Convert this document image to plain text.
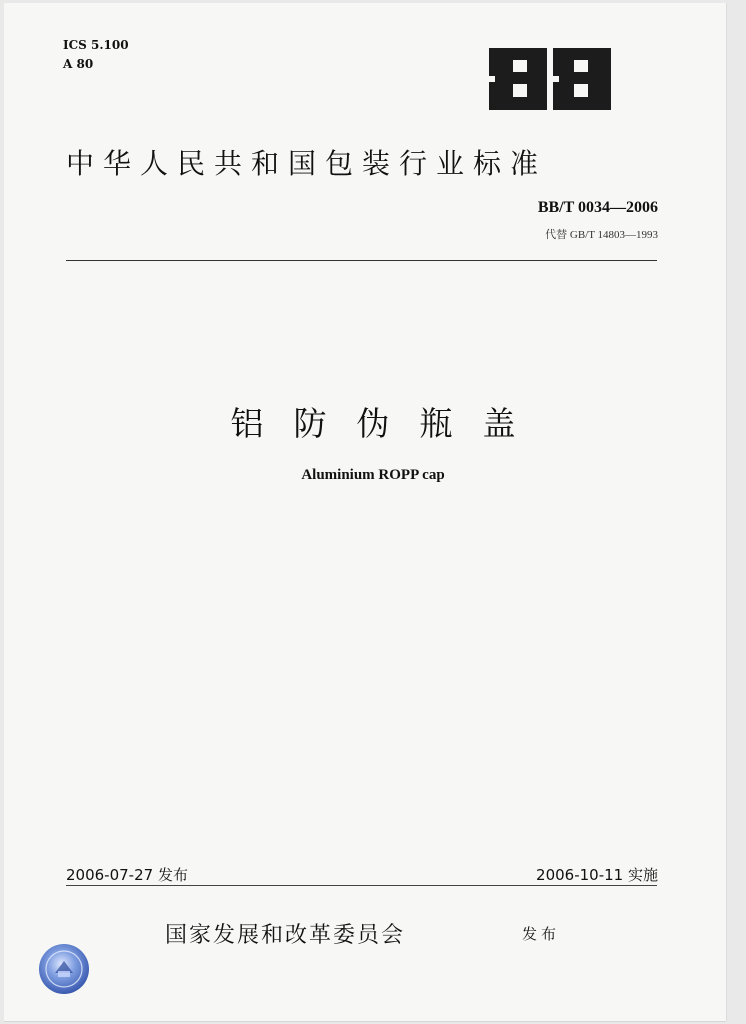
ICS 5.100
A 80
中华人民共和国包装行业标准
BB/T 0034—2006
代替 GB/T 14803—1993
铝防伪瓶盖
Aluminium ROPP cap
2006-07-27 发布	2006-10-11 实施
国家发展和改革委员会	发布
